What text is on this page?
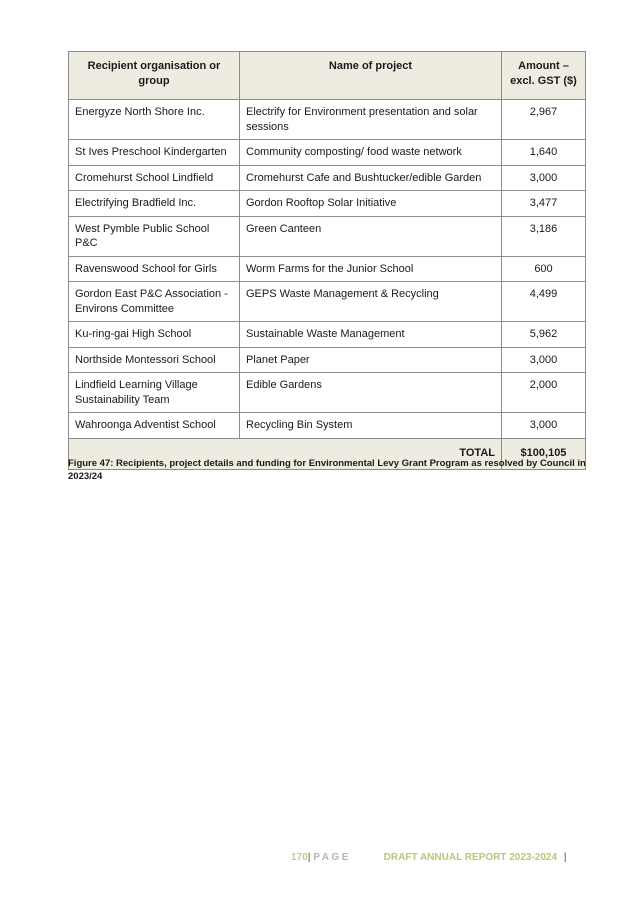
Recipient organisation or group	Name of project	Amount – excl. GST ($)
Energyze North Shore Inc.	Electrify for Environment presentation and solar sessions	2,967
St Ives Preschool Kindergarten	Community composting/ food waste network	1,640
Cromehurst School Lindfield	Cromehurst Cafe and Bushtucker/edible Garden	3,000
Electrifying Bradfield Inc.	Gordon Rooftop Solar Initiative	3,477
West Pymble Public School P&C	Green Canteen	3,186
Ravenswood School for Girls	Worm Farms for the Junior School	600
Gordon East P&C Association - Environs Committee	GEPS Waste Management & Recycling	4,499
Ku-ring-gai High School	Sustainable Waste Management	5,962
Northside Montessori School	Planet Paper	3,000
Lindfield Learning Village Sustainability Team	Edible Gardens	2,000
Wahroonga Adventist School	Recycling Bin System	3,000
TOTAL		$100,105
Figure 47: Recipients, project details and funding for Environmental Levy Grant Program as resolved by Council in 2023/24
170| PAGE	DRAFT ANNUAL REPORT 2023-2024 |
